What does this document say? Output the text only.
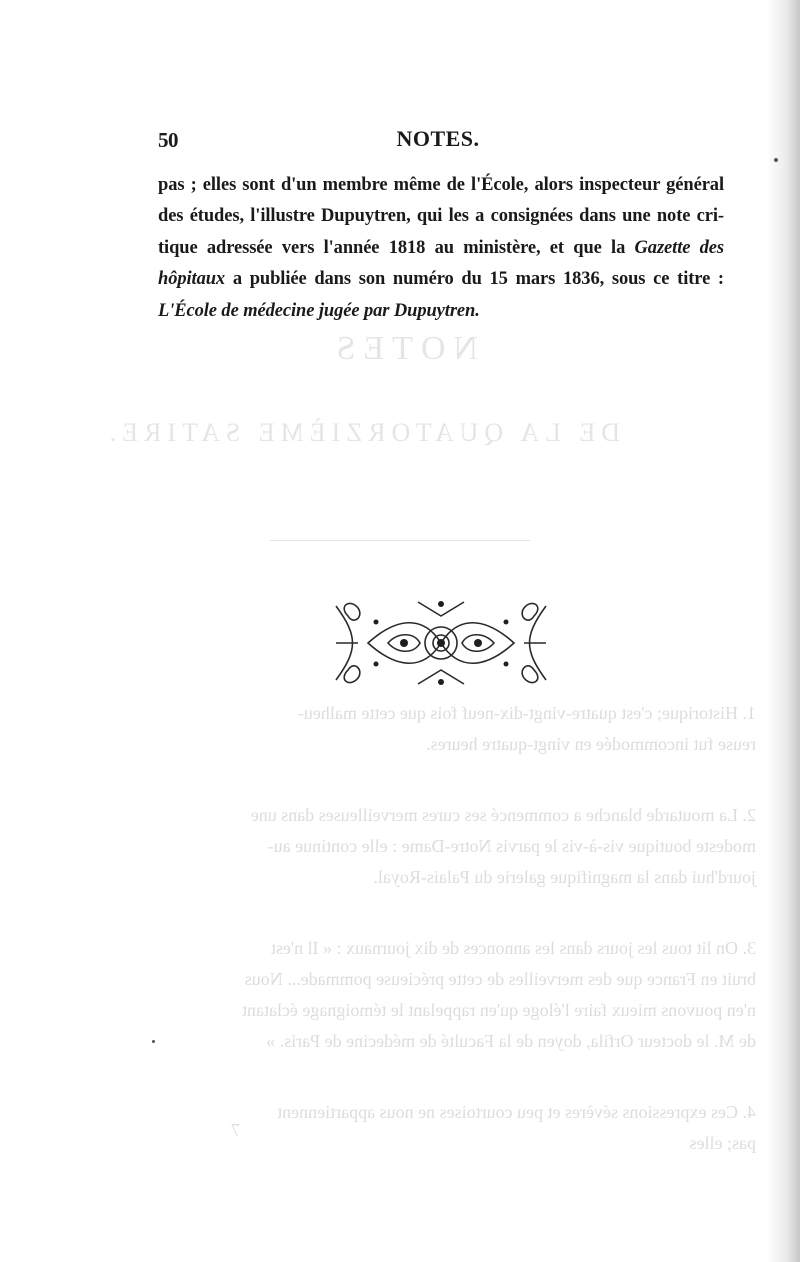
NOTES
DE LA QUATORZIÈME SATIRE.
1. Historique; c'est quatre-vingt-dix-neuf fois que cette malheu-
reuse fut incommodée en vingt-quatre heures.
2. La moutarde blanche a commencé ses cures merveilleuses dans une
modeste boutique vis-à-vis le parvis Notre-Dame : elle continue au-
jourd'hui dans la magnifique galerie du Palais-Royal.
3. On lit tous les jours dans les annonces de dix journaux : « Il n'est
bruit en France que des merveilles de cette précieuse pommade... Nous
n'en pouvons mieux faire l'éloge qu'en rappelant le témoignage éclatant
de M. le docteur Orfila, doyen de la Faculté de médecine de Paris. »
4. Ces expressions sévères et peu courtoises ne nous appartiennent
pas; elles
7
50	NOTES.
pas ; elles sont d'un membre même de l'École, alors inspecteur général
des études, l'illustre Dupuytren, qui les a consignées dans une note cri-
tique adressée vers l'année 1818 au ministère, et que la Gazette des
hôpitaux a publiée dans son numéro du 15 mars 1836, sous ce titre :
L'École de médecine jugée par Dupuytren.
